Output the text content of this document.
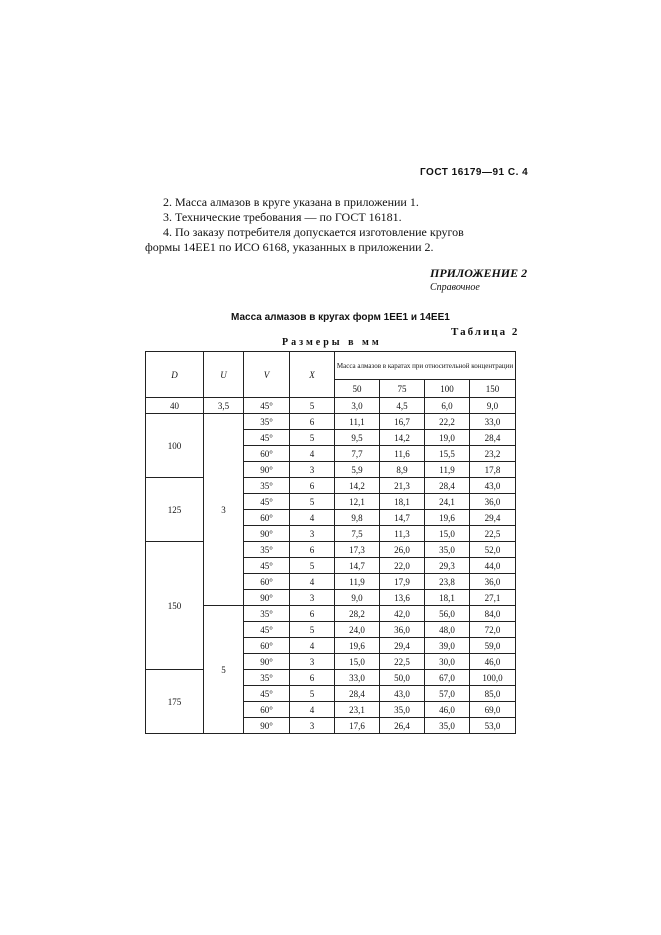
ГОСТ 16179—91 С. 4
2. Масса алмазов в круге указана в приложении 1.
3. Технические требования — по ГОСТ 16181.
4. По заказу потребителя допускается изготовление кругов
формы 14EE1 по ИСО 6168, указанных в приложении 2.
ПРИЛОЖЕНИЕ 2
Справочное
Масса алмазов в кругах форм 1EE1 и 14EE1
Таблица 2
Размеры в мм
D	U	V	X	Масса алмазов в каратах при относительной концентрации			
				50	75	100	150
40	3,5	45°	5	3,0	4,5	6,0	9,0
100	3	35°	6	11,1	16,7	22,2	33,0
		45°	5	9,5	14,2	19,0	28,4
		60°	4	7,7	11,6	15,5	23,2
		90°	3	5,9	8,9	11,9	17,8
125		35°	6	14,2	21,3	28,4	43,0
		45°	5	12,1	18,1	24,1	36,0
		60°	4	9,8	14,7	19,6	29,4
		90°	3	7,5	11,3	15,0	22,5
150		35°	6	17,3	26,0	35,0	52,0
		45°	5	14,7	22,0	29,3	44,0
		60°	4	11,9	17,9	23,8	36,0
		90°	3	9,0	13,6	18,1	27,1
	5	35°	6	28,2	42,0	56,0	84,0
		45°	5	24,0	36,0	48,0	72,0
		60°	4	19,6	29,4	39,0	59,0
		90°	3	15,0	22,5	30,0	46,0
175		35°	6	33,0	50,0	67,0	100,0
		45°	5	28,4	43,0	57,0	85,0
		60°	4	23,1	35,0	46,0	69,0
		90°	3	17,6	26,4	35,0	53,0
